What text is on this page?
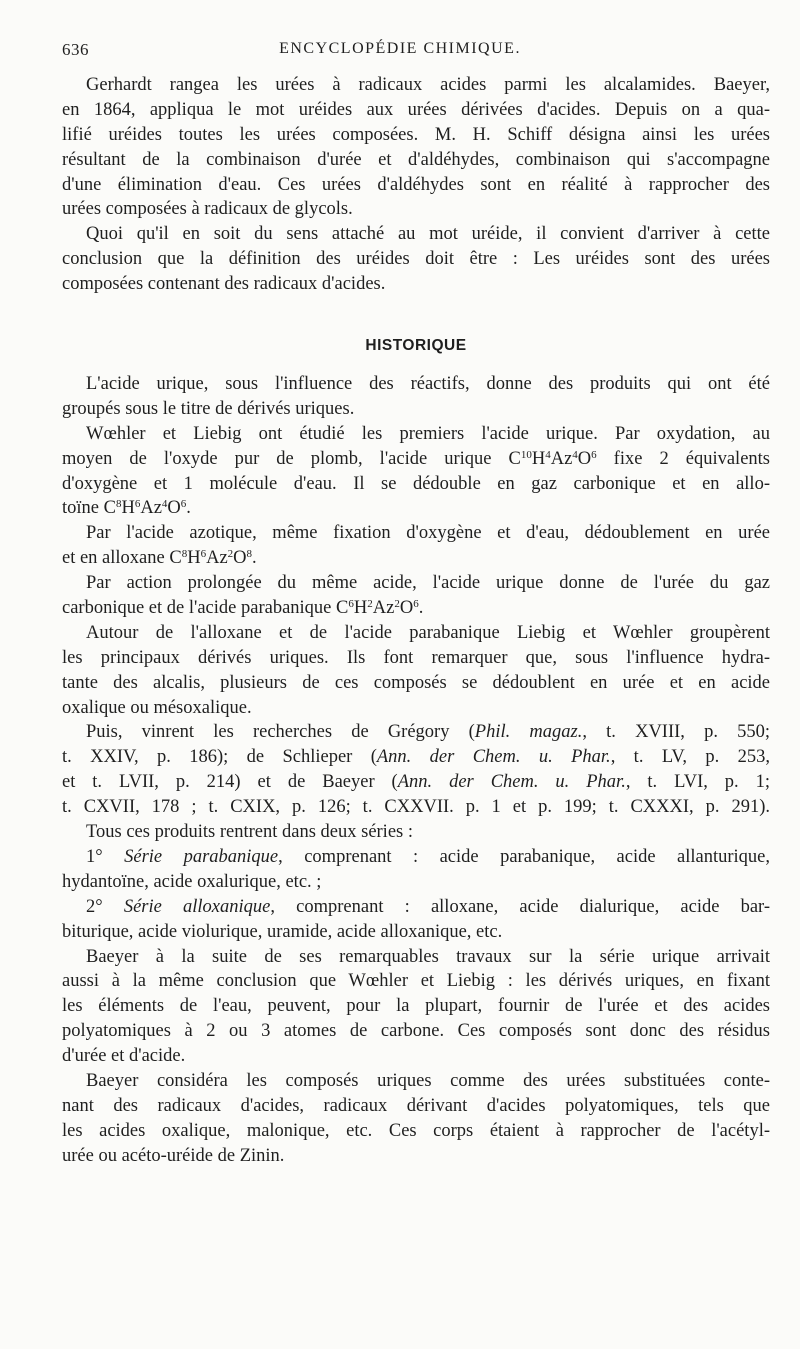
636	ENCYCLOPÉDIE CHIMIQUE.
Gerhardt rangea les urées à radicaux acides parmi les alcalamides. Baeyer,
en 1864, appliqua le mot uréides aux urées dérivées d'acides. Depuis on a qua-
lifié uréides toutes les urées composées. M. H. Schiff désigna ainsi les urées
résultant de la combinaison d'urée et d'aldéhydes, combinaison qui s'accompagne
d'une élimination d'eau. Ces urées d'aldéhydes sont en réalité à rapprocher des
urées composées à radicaux de glycols.
Quoi qu'il en soit du sens attaché au mot uréide, il convient d'arriver à cette
conclusion que la définition des uréides doit être : Les uréides sont des urées
composées contenant des radicaux d'acides.
HISTORIQUE
L'acide urique, sous l'influence des réactifs, donne des produits qui ont été
groupés sous le titre de dérivés uriques.
Wœhler et Liebig ont étudié les premiers l'acide urique. Par oxydation, au
moyen de l'oxyde pur de plomb, l'acide urique $C^{10}H^4Az^4O^6$ fixe 2 équivalents
d'oxygène et 1 molécule d'eau. Il se dédouble en gaz carbonique et en allo-
toïne $C^8H^6Az^4O^6$.
Par l'acide azotique, même fixation d'oxygène et d'eau, dédoublement en urée
et en alloxane $C^8H^6Az^2O^8$.
Par action prolongée du même acide, l'acide urique donne de l'urée du gaz
carbonique et de l'acide parabanique $C^6H^2Az^2O^6$.
Autour de l'alloxane et de l'acide parabanique Liebig et Wœhler groupèrent
les principaux dérivés uriques. Ils font remarquer que, sous l'influence hydra-
tante des alcalis, plusieurs de ces composés se dédoublent en urée et en acide
oxalique ou mésoxalique.
Puis, vinrent les recherches de Grégory (Phil. magaz., t. XVIII, p. 550;
t. XXIV, p. 186); de Schlieper (Ann. der Chem. u. Phar., t. LV, p. 253,
et t. LVII, p. 214) et de Baeyer (Ann. der Chem. u. Phar., t. LVI, p. 1;
t. CXVII, 178 ; t. CXIX, p. 126; t. CXXVII. p. 1 et p. 199; t. CXXXI, p. 291).
Tous ces produits rentrent dans deux séries :
1° Série parabanique, comprenant : acide parabanique, acide allanturique,
hydantoïne, acide oxalurique, etc. ;
2° Série alloxanique, comprenant : alloxane, acide dialurique, acide bar-
biturique, acide violurique, uramide, acide alloxanique, etc.
Baeyer à la suite de ses remarquables travaux sur la série urique arrivait
aussi à la même conclusion que Wœhler et Liebig : les dérivés uriques, en fixant
les éléments de l'eau, peuvent, pour la plupart, fournir de l'urée et des acides
polyatomiques à 2 ou 3 atomes de carbone. Ces composés sont donc des résidus
d'urée et d'acide.
Baeyer considéra les composés uriques comme des urées substituées conte-
nant des radicaux d'acides, radicaux dérivant d'acides polyatomiques, tels que
les acides oxalique, malonique, etc. Ces corps étaient à rapprocher de l'acétyl-
urée ou acéto-uréide de Zinin.
